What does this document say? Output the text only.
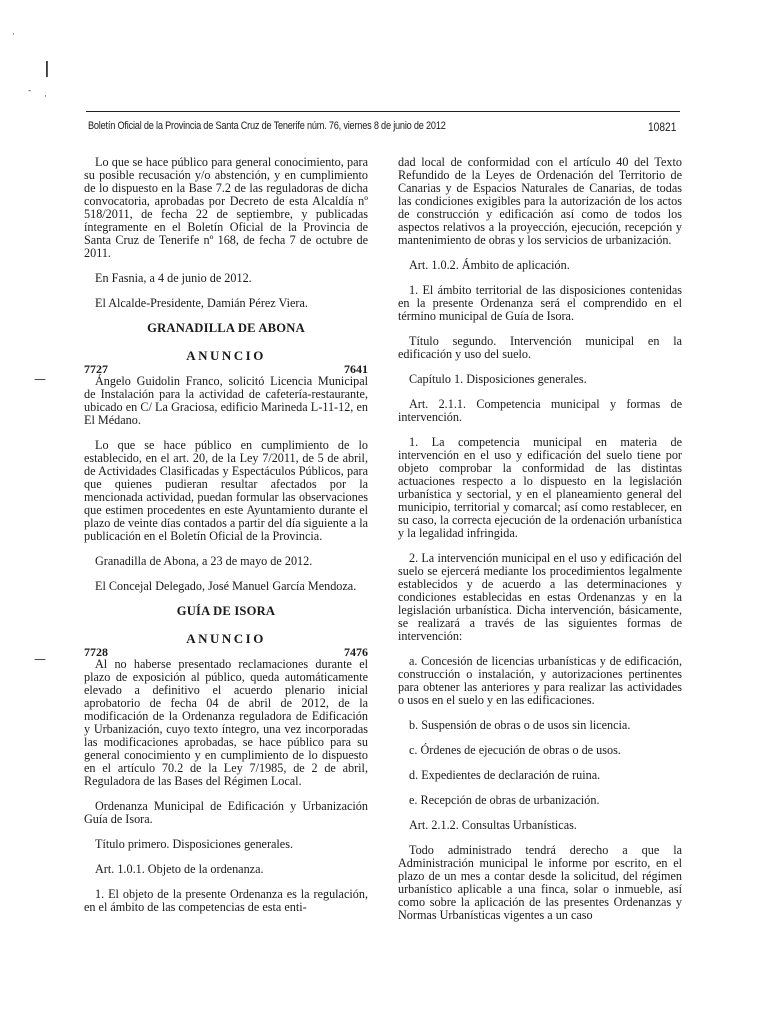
|
·
-
·
—
—
Boletín Oficial de la Provincia de Santa Cruz de Tenerife núm. 76, viernes 8 de junio de 2012	10821

Lo que se hace público para general conocimiento, para su posible recusación y/o abstención, y en cumplimiento de lo dispuesto en la Base 7.2 de las reguladoras de dicha convocatoria, aprobadas por Decreto de esta Alcaldía nº 518/2011, de fecha 22 de septiembre, y publicadas íntegramente en el Boletín Oficial de la Provincia de Santa Cruz de Tenerife nº 168, de fecha 7 de octubre de 2011.

En Fasnia, a 4 de junio de 2012.

El Alcalde-Presidente, Damián Pérez Viera.

GRANADILLA DE ABONA
ANUNCIO
7727	7641

Ángelo Guidolin Franco, solicitó Licencia Municipal de Instalación para la actividad de cafetería-restaurante, ubicado en C/ La Graciosa, edificio Marineda L-11-12, en El Médano.

Lo que se hace público en cumplimiento de lo establecido, en el art. 20, de la Ley 7/2011, de 5 de abril, de Actividades Clasificadas y Espectáculos Públicos, para que quienes pudieran resultar afectados por la mencionada actividad, puedan formular las observaciones que estimen procedentes en este Ayuntamiento durante el plazo de veinte días contados a partir del día siguiente a la publicación en el Boletín Oficial de la Provincia.

Granadilla de Abona, a 23 de mayo de 2012.

El Concejal Delegado, José Manuel García Mendoza.

GUÍA DE ISORA
ANUNCIO
7728	7476

Al no haberse presentado reclamaciones durante el plazo de exposición al público, queda automáticamente elevado a definitivo el acuerdo plenario inicial aprobatorio de fecha 04 de abril de 2012, de la modificación de la Ordenanza reguladora de Edificación y Urbanización, cuyo texto íntegro, una vez incorporadas las modificaciones aprobadas, se hace público para su general conocimiento y en cumplimiento de lo dispuesto en el artículo 70.2 de la Ley 7/1985, de 2 de abril, Reguladora de las Bases del Régimen Local.

Ordenanza Municipal de Edificación y Urbanización Guía de Isora.

Título primero. Disposiciones generales.

Art. 1.0.1. Objeto de la ordenanza.

1. El objeto de la presente Ordenanza es la regulación, en el ámbito de las competencias de esta enti-

dad local de conformidad con el artículo 40 del Texto Refundido de la Leyes de Ordenación del Territorio de Canarias y de Espacios Naturales de Canarias, de todas las condiciones exigibles para la autorización de los actos de construcción y edificación así como de todos los aspectos relativos a la proyección, ejecución, recepción y mantenimiento de obras y los servicios de urbanización.

Art. 1.0.2. Ámbito de aplicación.

1. El ámbito territorial de las disposiciones contenidas en la presente Ordenanza será el comprendido en el término municipal de Guía de Isora.

Título segundo. Intervención municipal en la edificación y uso del suelo.

Capítulo 1. Disposiciones generales.

Art. 2.1.1. Competencia municipal y formas de intervención.

1. La competencia municipal en materia de intervención en el uso y edificación del suelo tiene por objeto comprobar la conformidad de las distintas actuaciones respecto a lo dispuesto en la legislación urbanística y sectorial, y en el planeamiento general del municipio, territorial y comarcal; así como restablecer, en su caso, la correcta ejecución de la ordenación urbanística y la legalidad infringida.

2. La intervención municipal en el uso y edificación del suelo se ejercerá mediante los procedimientos legalmente establecidos y de acuerdo a las determinaciones y condiciones establecidas en estas Ordenanzas y en la legislación urbanística. Dicha intervención, básicamente, se realizará a través de las siguientes formas de intervención:

a. Concesión de licencias urbanísticas y de edificación, construcción o instalación, y autorizaciones pertinentes para obtener las anteriores y para realizar las actividades o usos en el suelo y en las edificaciones.

b. Suspensión de obras o de usos sin licencia.

c. Órdenes de ejecución de obras o de usos.

d. Expedientes de declaración de ruina.

e. Recepción de obras de urbanización.

Art. 2.1.2. Consultas Urbanísticas.

Todo administrado tendrá derecho a que la Administración municipal le informe por escrito, en el plazo de un mes a contar desde la solicitud, del régimen urbanístico aplicable a una finca, solar o inmueble, así como sobre la aplicación de las presentes Ordenanzas y Normas Urbanísticas vigentes a un caso
